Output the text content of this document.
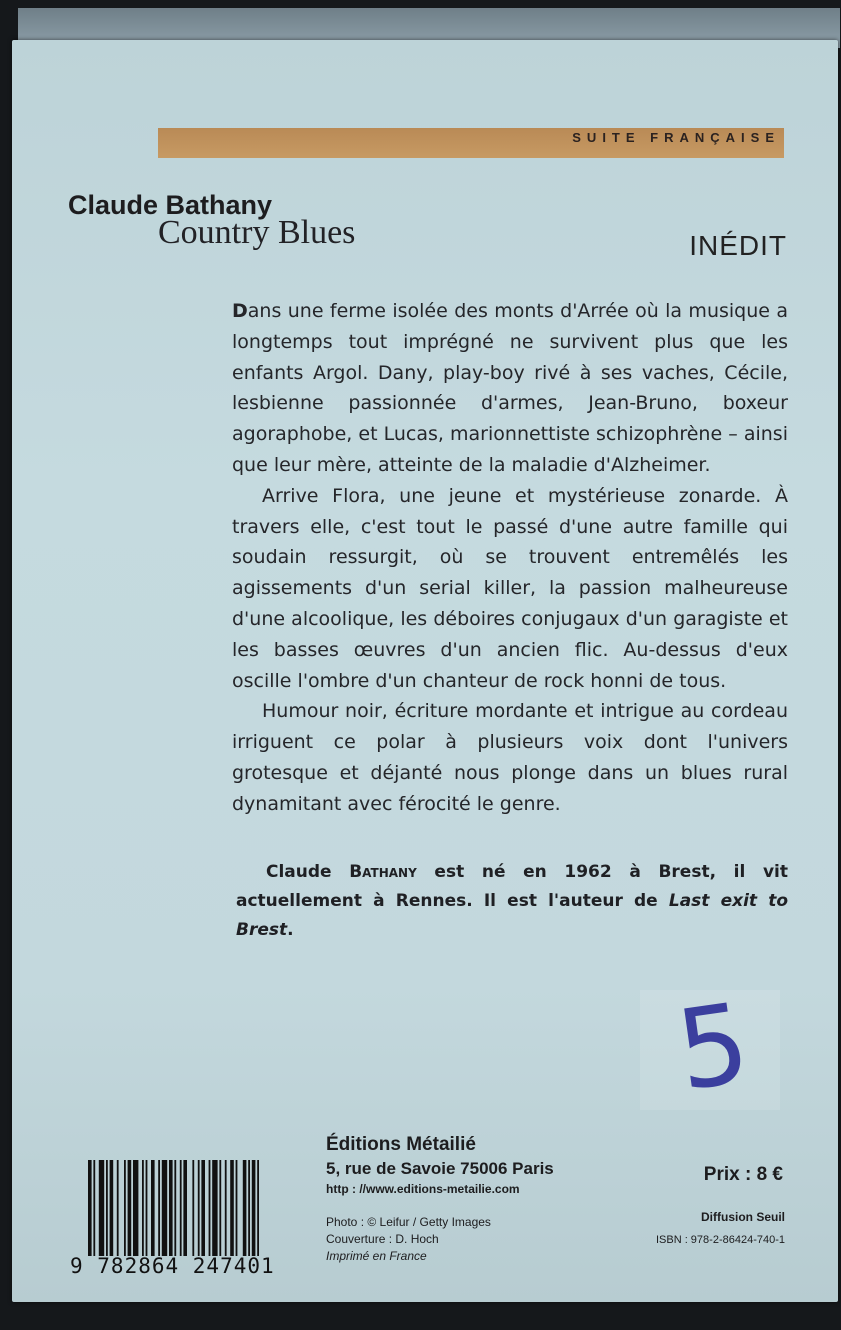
SUITE FRANÇAISE
Claude Bathany
Country Blues	INÉDIT

Dans une ferme isolée des monts d'Arrée où la musique a longtemps tout imprégné ne survivent plus que les enfants Argol. Dany, play-boy rivé à ses vaches, Cécile, lesbienne passionnée d'armes, Jean-Bruno, boxeur agoraphobe, et Lucas, marionnettiste schizophrène – ainsi que leur mère, atteinte de la maladie d'Alzheimer.

Arrive Flora, une jeune et mystérieuse zonarde. À travers elle, c'est tout le passé d'une autre famille qui soudain ressurgit, où se trouvent entremêlés les agissements d'un serial killer, la passion malheureuse d'une alcoolique, les déboires conjugaux d'un garagiste et les basses œuvres d'un ancien flic. Au-dessus d'eux oscille l'ombre d'un chanteur de rock honni de tous.

Humour noir, écriture mordante et intrigue au cordeau irriguent ce polar à plusieurs voix dont l'univers grotesque et déjanté nous plonge dans un blues rural dynamitant avec férocité le genre.

Claude Bathany est né en 1962 à Brest, il vit actuellement à Rennes. Il est l'auteur de Last exit to Brest.
5
9 782864 247401
Éditions Métailié
5, rue de Savoie 75006 Paris
http : //www.editions-metailie.com
Photo : © Leifur / Getty Images
Couverture : D. Hoch
Imprimé en France
Prix : 8 €
Diffusion Seuil
ISBN : 978-2-86424-740-1
